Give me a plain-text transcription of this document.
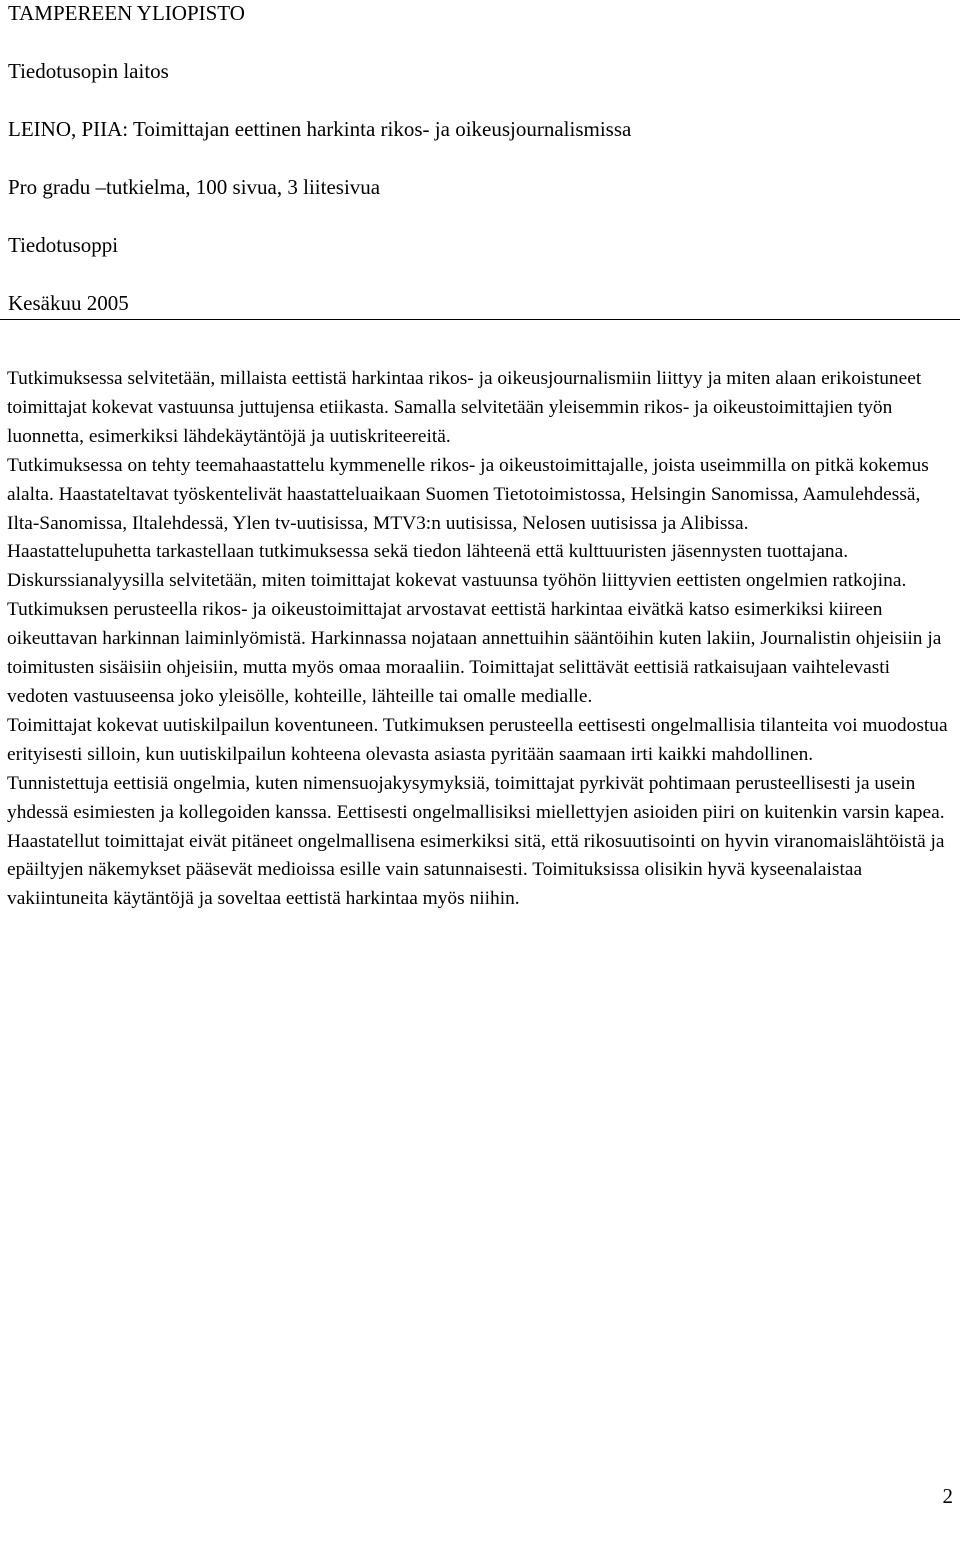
TAMPEREEN YLIOPISTO

Tiedotusopin laitos

LEINO, PIIA: Toimittajan eettinen harkinta rikos- ja oikeusjournalismissa

Pro gradu –tutkielma, 100 sivua, 3 liitesivua

Tiedotusoppi

Kesäkuu 2005

Tutkimuksessa selvitetään, millaista eettistä harkintaa rikos- ja oikeusjournalismiin liittyy ja miten alaan erikoistuneet toimittajat kokevat vastuunsa juttujensa etiikasta. Samalla selvitetään yleisemmin rikos- ja oikeustoimittajien työn luonnetta, esimerkiksi lähdekäytäntöjä ja uutiskriteereitä.

Tutkimuksessa on tehty teemahaastattelu kymmenelle rikos- ja oikeustoimittajalle, joista useimmilla on pitkä kokemus alalta. Haastateltavat työskentelivät haastatteluaikaan Suomen Tietotoimistossa, Helsingin Sanomissa, Aamulehdessä, Ilta-Sanomissa, Iltalehdessä, Ylen tv-uutisissa, MTV3:n uutisissa, Nelosen uutisissa ja Alibissa.

Haastattelupuhetta tarkastellaan tutkimuksessa sekä tiedon lähteenä että kulttuuristen jäsennysten tuottajana. Diskurssianalyysilla selvitetään, miten toimittajat kokevat vastuunsa työhön liittyvien eettisten ongelmien ratkojina.

Tutkimuksen perusteella rikos- ja oikeustoimittajat arvostavat eettistä harkintaa eivätkä katso esimerkiksi kiireen oikeuttavan harkinnan laiminlyömistä. Harkinnassa nojataan annettuihin sääntöihin kuten lakiin, Journalistin ohjeisiin ja toimitusten sisäisiin ohjeisiin, mutta myös omaa moraaliin. Toimittajat selittävät eettisiä ratkaisujaan vaihtelevasti vedoten vastuuseensa joko yleisölle, kohteille, lähteille tai omalle medialle.

Toimittajat kokevat uutiskilpailun koventuneen. Tutkimuksen perusteella eettisesti ongelmallisia tilanteita voi muodostua erityisesti silloin, kun uutiskilpailun kohteena olevasta asiasta pyritään saamaan irti kaikki mahdollinen.

Tunnistettuja eettisiä ongelmia, kuten nimensuojakysymyksiä, toimittajat pyrkivät pohtimaan perusteellisesti ja usein yhdessä esimiesten ja kollegoiden kanssa. Eettisesti ongelmallisiksi miellettyjen asioiden piiri on kuitenkin varsin kapea. Haastatellut toimittajat eivät pitäneet ongelmallisena esimerkiksi sitä, että rikosuutisointi on hyvin viranomaislähtöistä ja epäiltyjen näkemykset pääsevät medioissa esille vain satunnaisesti. Toimituksissa olisikin hyvä kyseenalaistaa vakiintuneita käytäntöjä ja soveltaa eettistä harkintaa myös niihin.

2
